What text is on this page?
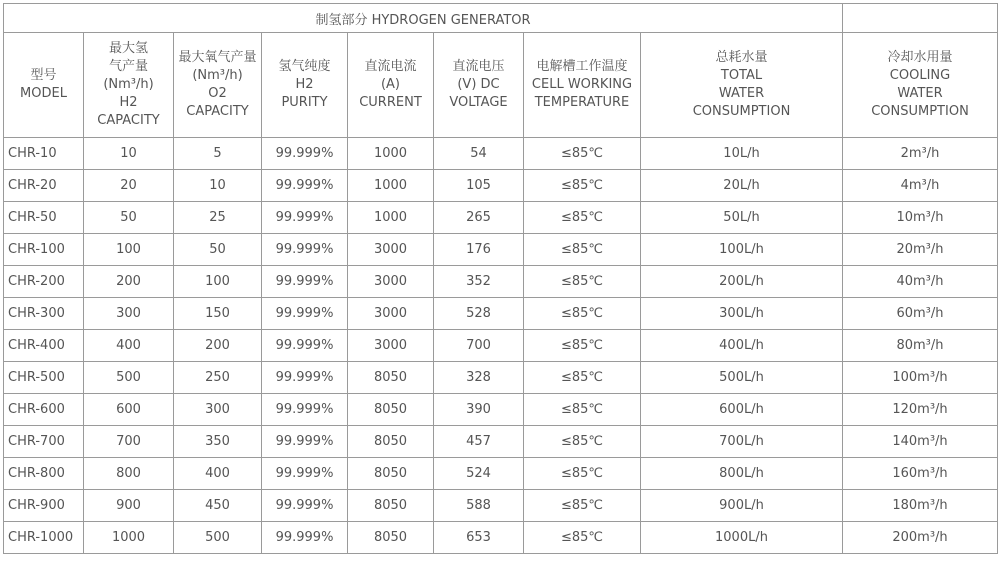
制氢部分 HYDROGEN GENERATOR								

型号
MODEL	最大氢
气产量
(Nm³/h)
H2
CAPACITY	最大氧气产量
(Nm³/h)
O2
CAPACITY	氢气纯度
H2
PURITY	直流电流
(A)
CURRENT	直流电压
(V) DC
VOLTAGE	电解槽工作温度
CELL WORKING
TEMPERATURE	总耗水量
TOTAL
WATER
CONSUMPTION	冷却水用量
COOLING
WATER
CONSUMPTION

CHR-10	10	5	99.999%	1000	54	≤85℃	10L/h	2m³/h
CHR-20	20	10	99.999%	1000	105	≤85℃	20L/h	4m³/h
CHR-50	50	25	99.999%	1000	265	≤85℃	50L/h	10m³/h
CHR-100	100	50	99.999%	3000	176	≤85℃	100L/h	20m³/h
CHR-200	200	100	99.999%	3000	352	≤85℃	200L/h	40m³/h
CHR-300	300	150	99.999%	3000	528	≤85℃	300L/h	60m³/h
CHR-400	400	200	99.999%	3000	700	≤85℃	400L/h	80m³/h
CHR-500	500	250	99.999%	8050	328	≤85℃	500L/h	100m³/h
CHR-600	600	300	99.999%	8050	390	≤85℃	600L/h	120m³/h
CHR-700	700	350	99.999%	8050	457	≤85℃	700L/h	140m³/h
CHR-800	800	400	99.999%	8050	524	≤85℃	800L/h	160m³/h
CHR-900	900	450	99.999%	8050	588	≤85℃	900L/h	180m³/h
CHR-1000	1000	500	99.999%	8050	653	≤85℃	1000L/h	200m³/h
